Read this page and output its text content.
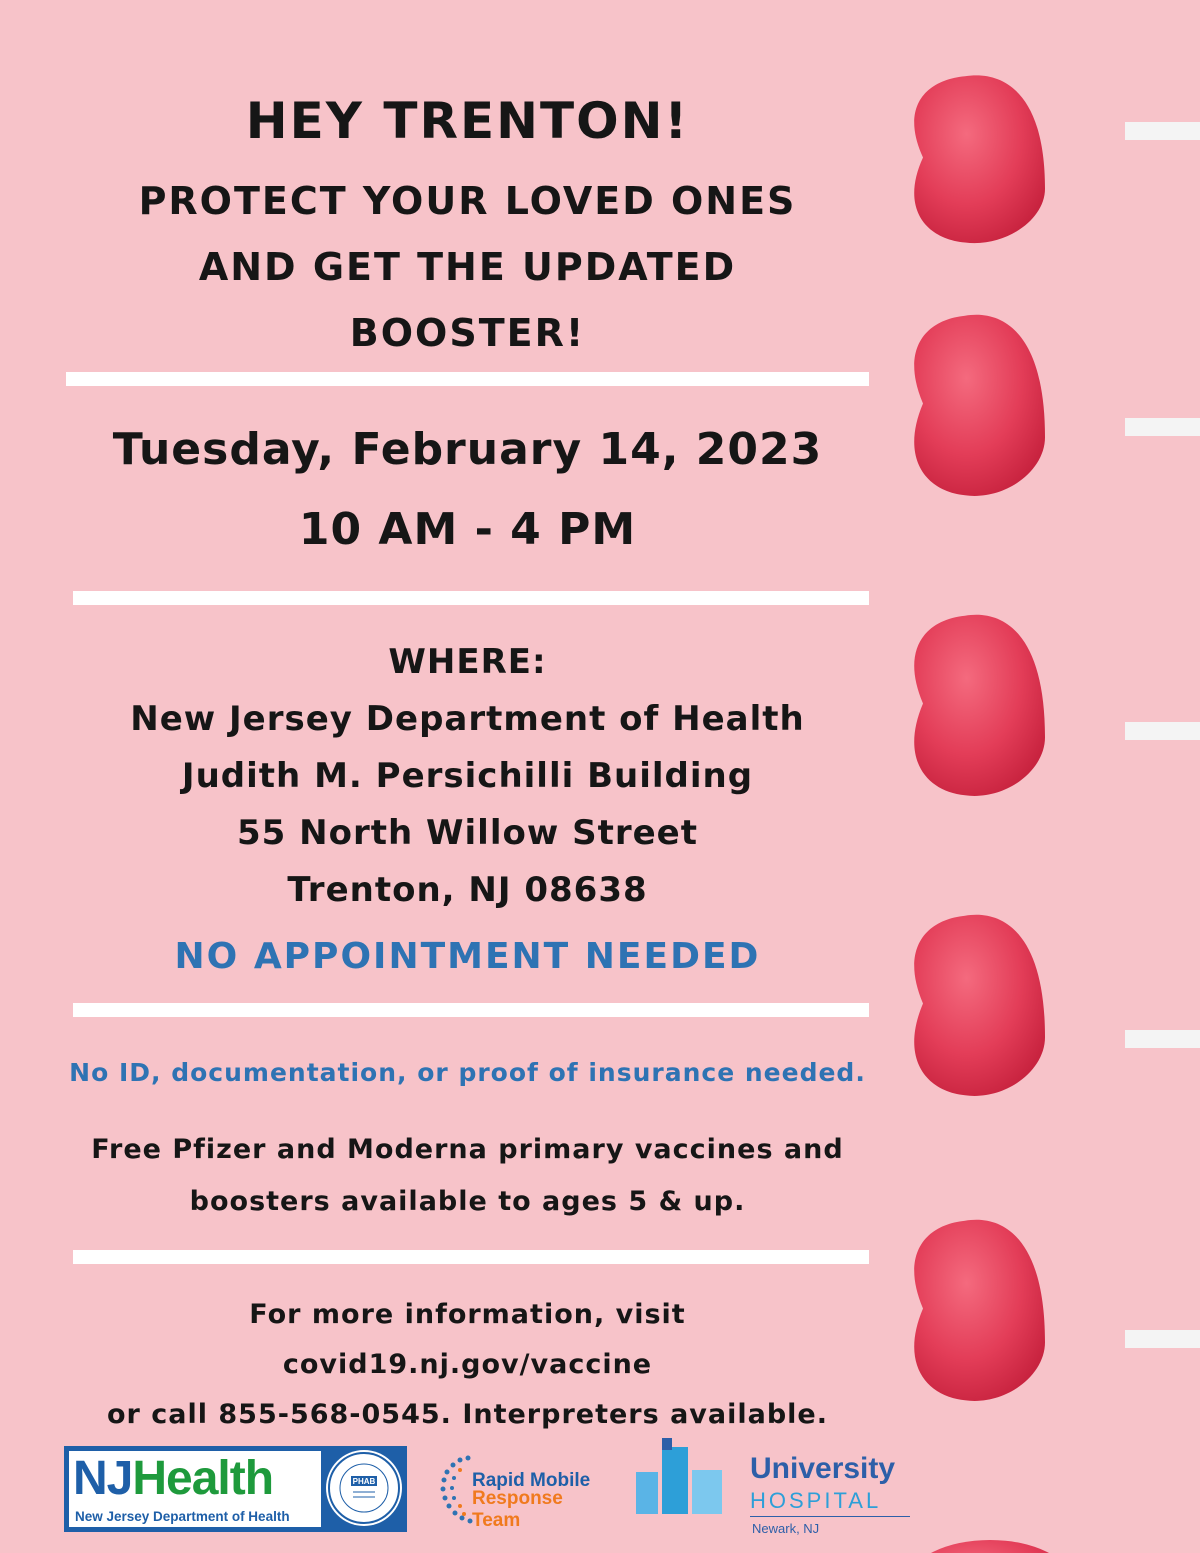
HEY TRENTON!
PROTECT YOUR LOVED ONES
AND GET THE UPDATED
BOOSTER!
Tuesday, February 14, 2023
10 AM - 4 PM
WHERE:
New Jersey Department of Health
Judith M. Persichilli Building
55 North Willow Street
Trenton, NJ 08638
NO APPOINTMENT NEEDED
No ID, documentation, or proof of insurance needed.
Free Pfizer and Moderna primary vaccines and
boosters available to ages 5 & up.
For more information, visit covid19.nj.gov/vaccine
or call 855-568-0545. Interpreters available.
NJHealth
New Jersey Department of Health
PHAB	Rapid Mobile
Response Team
University
HOSPITAL
Newark, NJ
